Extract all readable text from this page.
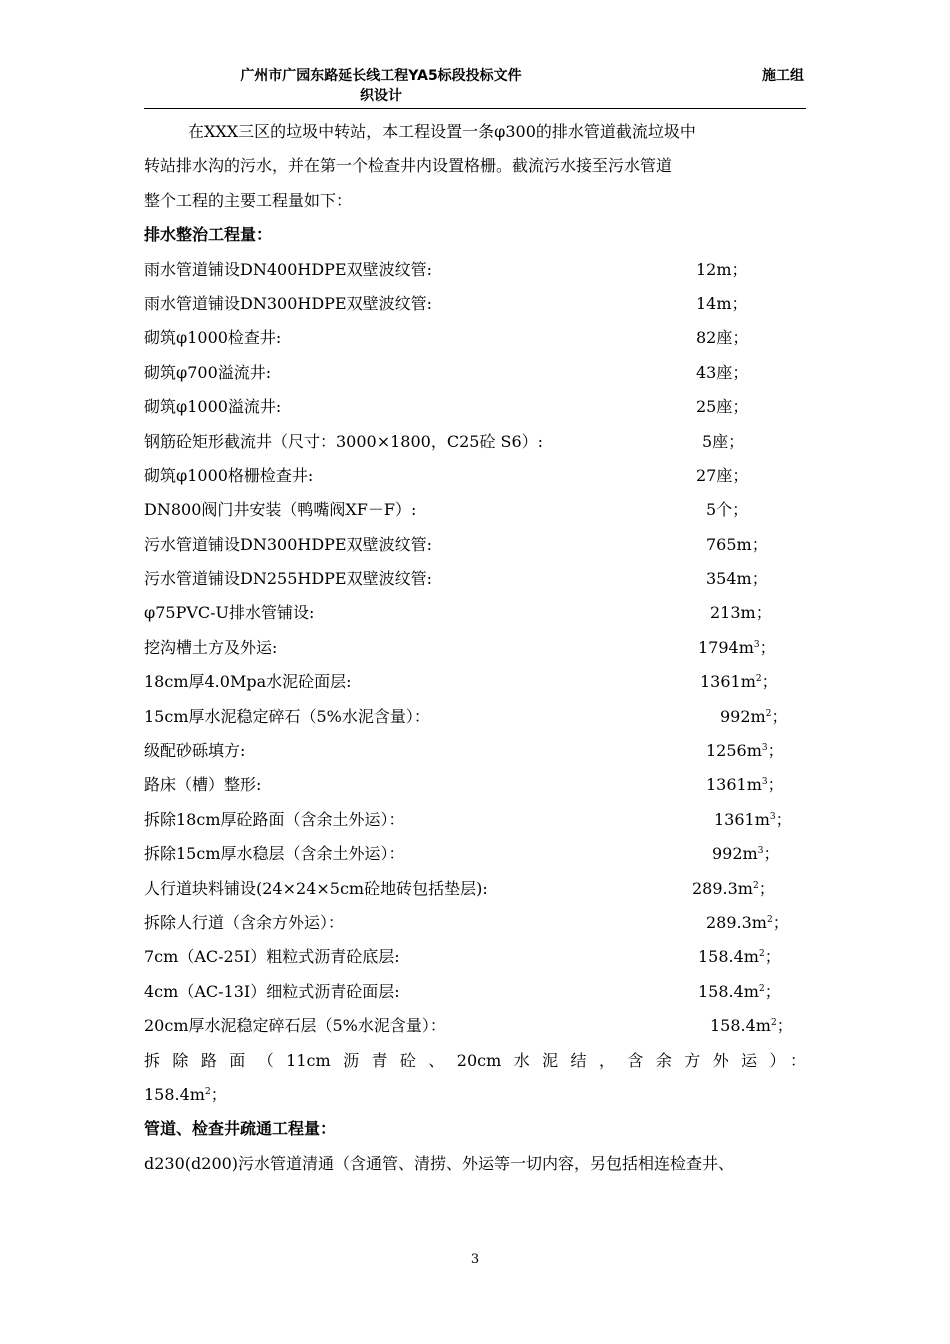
广州市广园东路延长线工程YA5标段投标文件
织设计
施工组
在XXX三区的垃圾中转站，本工程设置一条φ300的排水管道截流垃圾中
转站排水沟的污水，并在第一个检查井内设置格栅。截流污水接至污水管道
整个工程的主要工程量如下：
排水整治工程量：
雨水管道铺设DN400HDPE双壁波纹管:	12m；
雨水管道铺设DN300HDPE双壁波纹管:	14m；
砌筑φ1000检查井:	82座；
砌筑φ700溢流井:	43座；
砌筑φ1000溢流井:	25座；
钢筋砼矩形截流井（尺寸：3000×1800，C25砼 S6）:	5座；
砌筑φ1000格栅检查井:	27座；
DN800阀门井安装（鸭嘴阀XF－F）:	5个；
污水管道铺设DN300HDPE双壁波纹管:	765m；
污水管道铺设DN255HDPE双壁波纹管:	354m；
φ75PVC-U排水管铺设:	213m；
挖沟槽土方及外运:	$1794m^3$；
18cm厚4.0Mpa水泥砼面层:	$1361m^2$；
15cm厚水泥稳定碎石（5%水泥含量）：	$992m^2$；
级配砂砾填方:	$1256m^3$；
路床（槽）整形:	$1361m^3$；
拆除18cm厚砼路面（含余土外运）：	$1361m^3$；
拆除15cm厚水稳层（含余土外运）：	$992m^3$；
人行道块料铺设(24×24×5cm砼地砖包括垫层):	$289.3m^2$；
拆除人行道（含余方外运）：	$289.3m^2$；
7cm（AC-25Ⅰ）粗粒式沥青砼底层:	$158.4m^2$；
4cm（AC-13Ⅰ）细粒式沥青砼面层:	$158.4m^2$；
20cm厚水泥稳定碎石层（5%水泥含量）：	$158.4m^2$；
拆除路面（11cm沥青砼、20cm水泥结，含余方外运）：
$158.4m^2$；
管道、检查井疏通工程量：
d230(d200)污水管道清通（含通管、清捞、外运等一切内容，另包括相连检查井、
3
